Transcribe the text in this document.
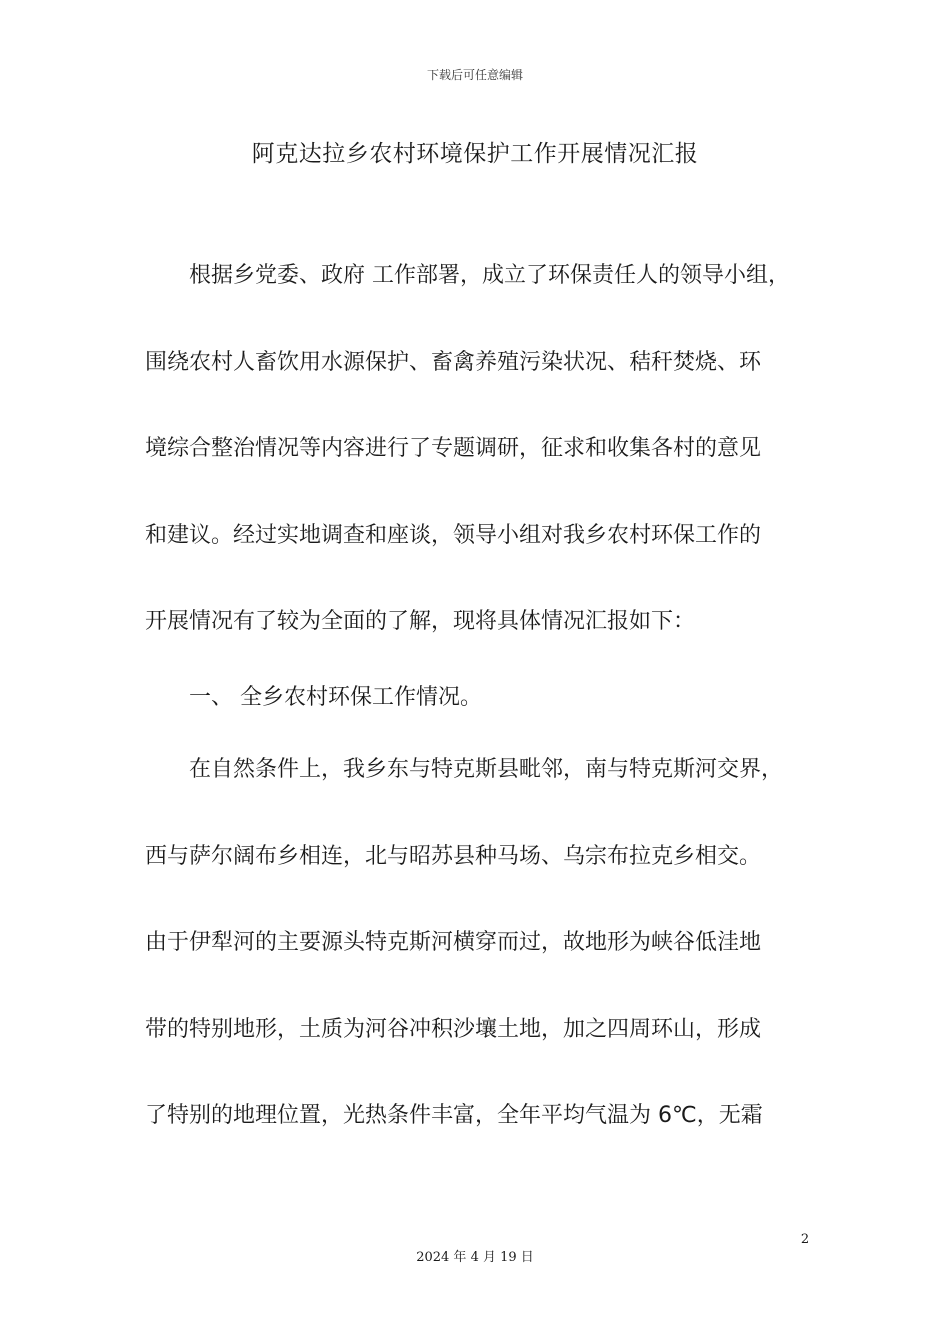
下载后可任意编辑
阿克达拉乡农村环境保护工作开展情况汇报
　　根据乡党委、政府 工作部署，成立了环保责任人的领导小组，
围绕农村人畜饮用水源保护、畜禽养殖污染状况、秸秆焚烧、环
境综合整治情况等内容进行了专题调研，征求和收集各村的意见
和建议。经过实地调查和座谈，领导小组对我乡农村环保工作的
开展情况有了较为全面的了解，现将具体情况汇报如下：
　　一、 全乡农村环保工作情况。
　　在自然条件上，我乡东与特克斯县毗邻，南与特克斯河交界，
西与萨尔阔布乡相连，北与昭苏县种马场、乌宗布拉克乡相交。
由于伊犁河的主要源头特克斯河横穿而过，故地形为峡谷低洼地
带的特别地形，土质为河谷冲积沙壤土地，加之四周环山，形成
了特别的地理位置，光热条件丰富，全年平均气温为 6℃，无霜
2
2024 年 4 月 19 日
